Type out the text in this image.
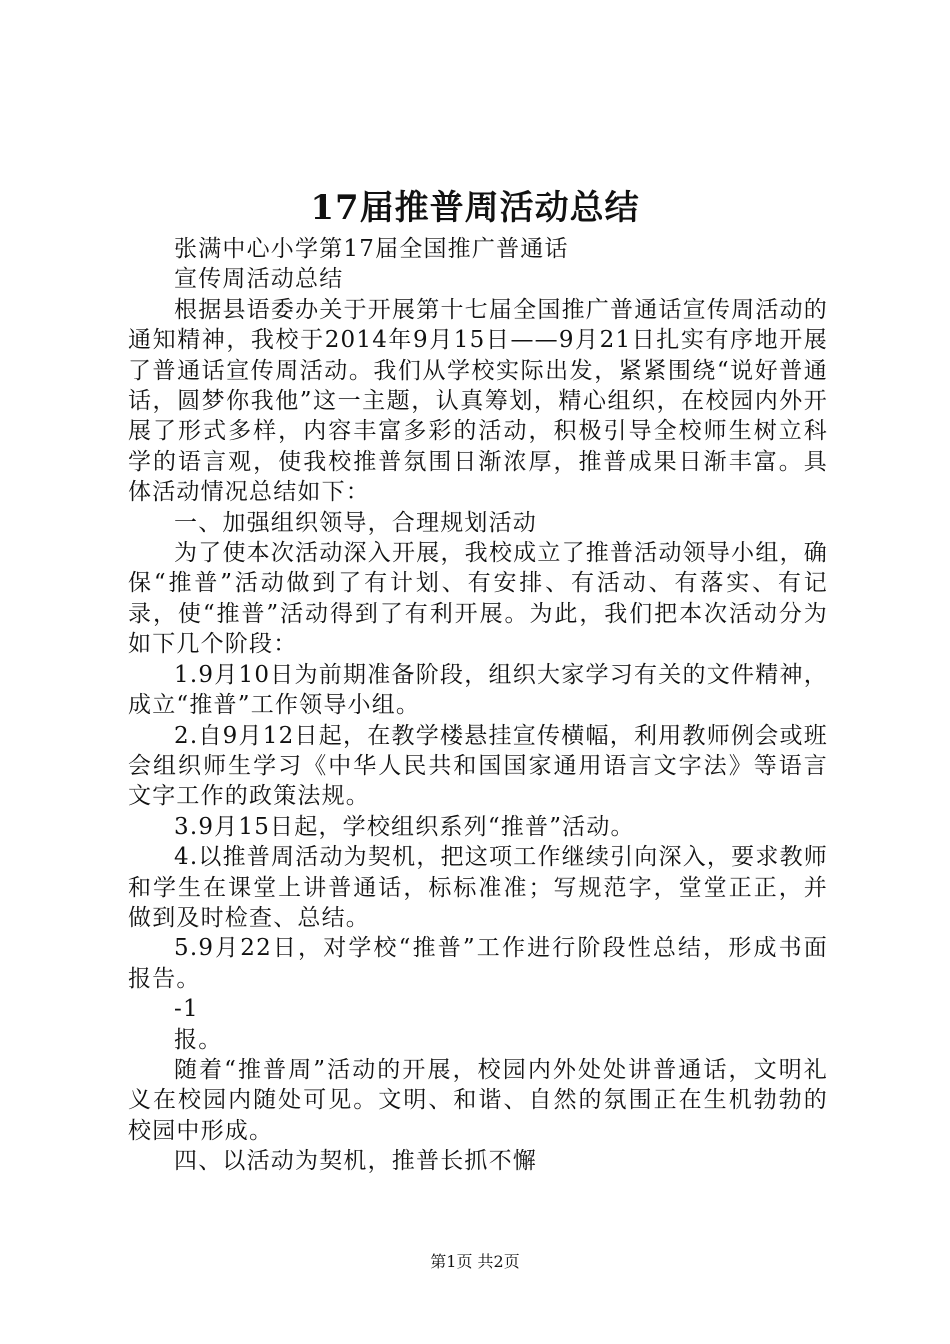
17届推普周活动总结

张满中心小学第17届全国推广普通话

宣传周活动总结

根据县语委办关于开展第十七届全国推广普通话宣传周活动的通知精神，我校于2014年9月15日——9月21日扎实有序地开展了普通话宣传周活动。我们从学校实际出发，紧紧围绕“说好普通话，圆梦你我他”这一主题，认真筹划，精心组织，在校园内外开展了形式多样，内容丰富多彩的活动，积极引导全校师生树立科学的语言观，使我校推普氛围日渐浓厚，推普成果日渐丰富。具体活动情况总结如下：

一、加强组织领导，合理规划活动

为了使本次活动深入开展，我校成立了推普活动领导小组，确保“推普”活动做到了有计划、有安排、有活动、有落实、有记录，使“推普”活动得到了有利开展。为此，我们把本次活动分为如下几个阶段：

1.9月10日为前期准备阶段，组织大家学习有关的文件精神，成立“推普”工作领导小组。

2.自9月12日起，在教学楼悬挂宣传横幅，利用教师例会或班会组织师生学习《中华人民共和国国家通用语言文字法》等语言文字工作的政策法规。

3.9月15日起，学校组织系列“推普”活动。

4.以推普周活动为契机，把这项工作继续引向深入，要求教师和学生在课堂上讲普通话，标标准准；写规范字，堂堂正正，并做到及时检查、总结。

5.9月22日，对学校“推普”工作进行阶段性总结，形成书面报告。

-1

报。

随着“推普周”活动的开展，校园内外处处讲普通话，文明礼义在校园内随处可见。文明、和谐、自然的氛围正在生机勃勃的校园中形成。

四、以活动为契机，推普长抓不懈

第1页 共2页
